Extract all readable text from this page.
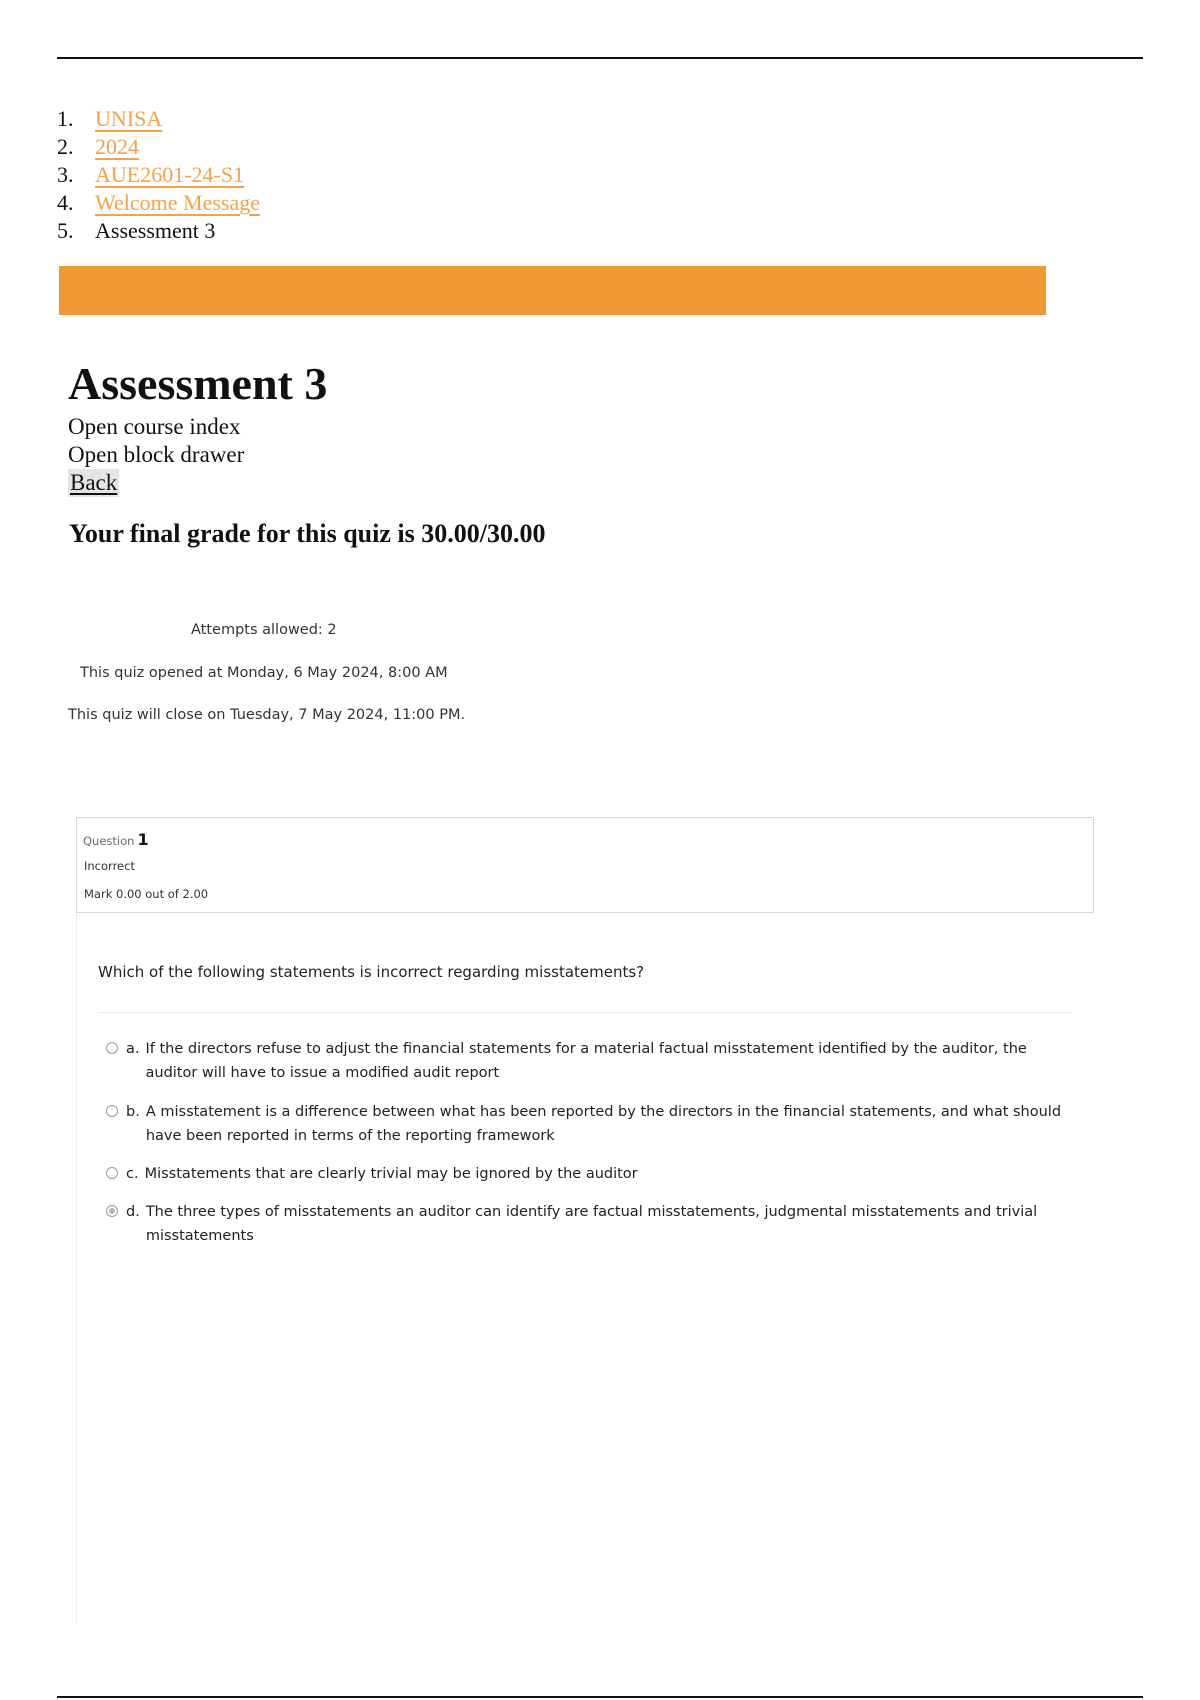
1. UNISA
2. 2024
3. AUE2601-24-S1
4. Welcome Message
5. Assessment 3
Assessment 3
Open course index
Open block drawer
Back
Your final grade for this quiz is 30.00/30.00
Attempts allowed: 2
This quiz opened at Monday, 6 May 2024, 8:00 AM
This quiz will close on Tuesday, 7 May 2024, 11:00 PM.
Question 1
Incorrect
Mark 0.00 out of 2.00
Which of the following statements is incorrect regarding misstatements?
a. If the directors refuse to adjust the financial statements for a material factual misstatement identified by the auditor, the auditor will have to issue a modified audit report
b. A misstatement is a difference between what has been reported by the directors in the financial statements, and what should have been reported in terms of the reporting framework
c. Misstatements that are clearly trivial may be ignored by the auditor
d. The three types of misstatements an auditor can identify are factual misstatements, judgmental misstatements and trivial misstatements
